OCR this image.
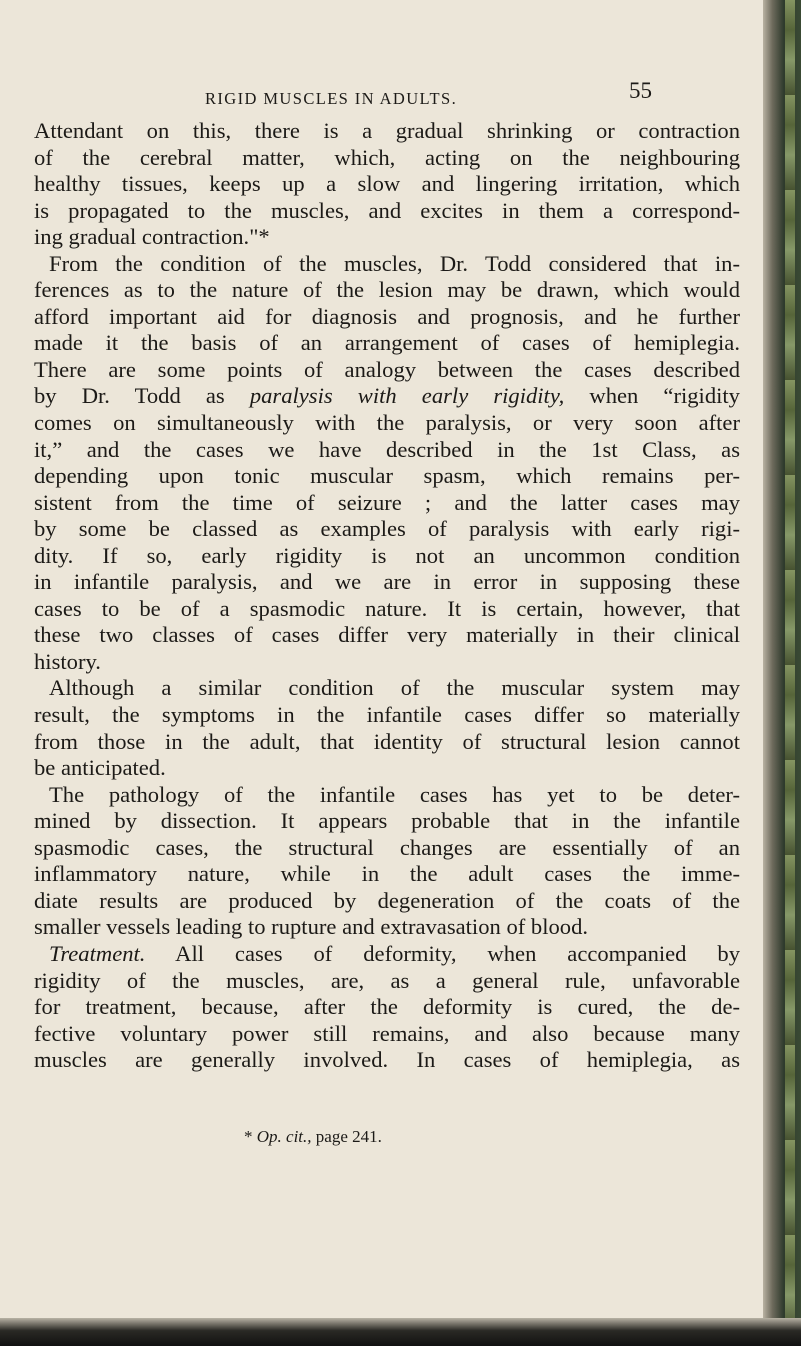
RIGID MUSCLES IN ADULTS.	55
Attendant on this, there is a gradual shrinking or contraction
of the cerebral matter, which, acting on the neighbouring
healthy tissues, keeps up a slow and lingering irritation, which
is propagated to the muscles, and excites in them a correspond-
ing gradual contraction."*
From the condition of the muscles, Dr. Todd considered that in-
ferences as to the nature of the lesion may be drawn, which would
afford important aid for diagnosis and prognosis, and he further
made it the basis of an arrangement of cases of hemiplegia.
There are some points of analogy between the cases described
by Dr. Todd as paralysis with early rigidity, when “rigidity
comes on simultaneously with the paralysis, or very soon after
it,” and the cases we have described in the 1st Class, as
depending upon tonic muscular spasm, which remains per-
sistent from the time of seizure ; and the latter cases may
by some be classed as examples of paralysis with early rigi-
dity. If so, early rigidity is not an uncommon condition
in infantile paralysis, and we are in error in supposing these
cases to be of a spasmodic nature. It is certain, however, that
these two classes of cases differ very materially in their clinical
history.
Although a similar condition of the muscular system may
result, the symptoms in the infantile cases differ so materially
from those in the adult, that identity of structural lesion cannot
be anticipated.
The pathology of the infantile cases has yet to be deter-
mined by dissection. It appears probable that in the infantile
spasmodic cases, the structural changes are essentially of an
inflammatory nature, while in the adult cases the imme-
diate results are produced by degeneration of the coats of the
smaller vessels leading to rupture and extravasation of blood.
Treatment. All cases of deformity, when accompanied by
rigidity of the muscles, are, as a general rule, unfavorable
for treatment, because, after the deformity is cured, the de-
fective voluntary power still remains, and also because many
muscles are generally involved. In cases of hemiplegia, as
* Op. cit., page 241.
